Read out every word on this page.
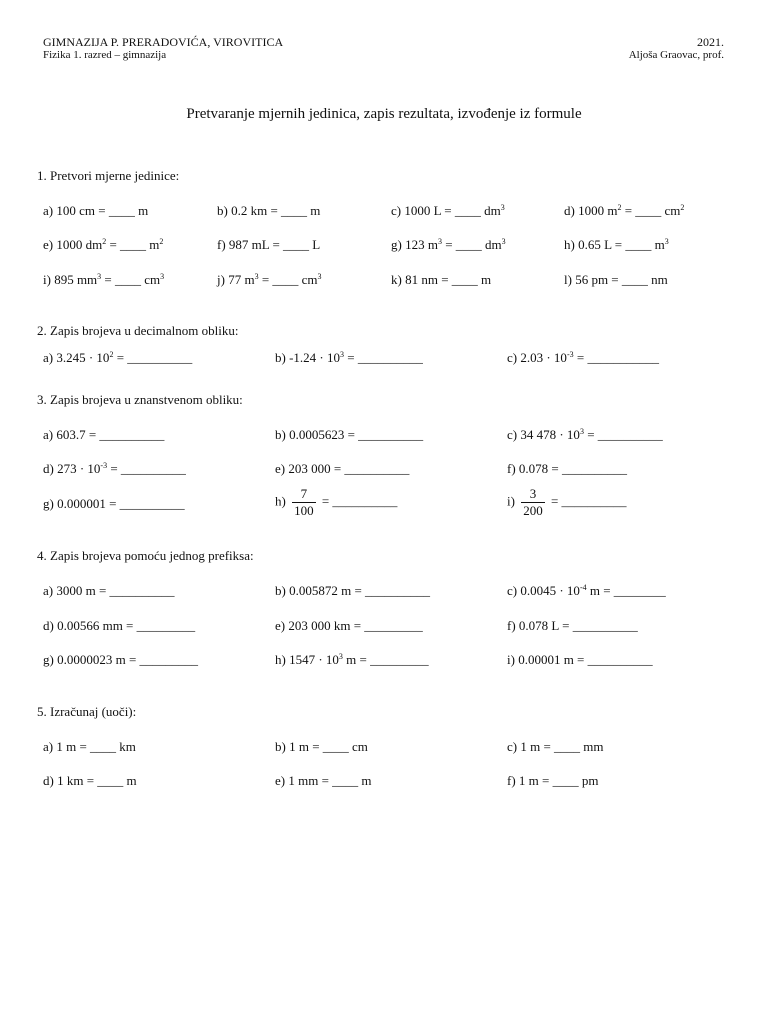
GIMNAZIJA P. PRERADOVIĆA, VIROVITICA
Fizika 1. razred – gimnazija
2021.
Aljoša Graovac, prof.
Pretvaranje mjernih jedinica, zapis rezultata, izvođenje iz formule
1. Pretvori mjerne jedinice:
a) 100 cm = ____ m	b) 0.2 km = ____ m	c) 1000 L = ____ $dm^3$	d) 1000 $m^2$ = ____ $cm^2$
e) 1000 $dm^2$ = ____ $m^2$	f) 987 mL = ____ L	g) 123 $m^3$ = ____ $dm^3$	h) 0.65 L = ____ $m^3$
i) 895 $mm^3$ = ____ $cm^3$	j) 77 $m^3$ = ____ $cm^3$	k) 81 nm = ____ m	l) 56 pm = ____ nm
2. Zapis brojeva u decimalnom obliku:
a) $3.245 \cdot 10^2$ = __________	b) $-1.24 \cdot 10^3$ = __________	c) $2.03 \cdot 10^{-3}$ = ___________
3. Zapis brojeva u znanstvenom obliku:
a) 603.7 = __________	b) 0.0005623 = __________	c) 34 $478 \cdot 10^3$ = __________
d) $273 \cdot 10^{-3}$ = __________	e) 203 000 = __________	f) 0.078 = __________
g) 0.000001 = __________	$h) \frac{7}{100}$ = __________	$i) \frac{3}{200}$ = __________
4. Zapis brojeva pomoću jednog prefiksa:
a) 3000 m = __________	b) 0.005872 m = __________	c) $0.0045 \cdot 10^{-4}$ m = ________
d) 0.00566 mm = _________	e) 203 000 km = _________	f) 0.078 L = __________
g) 0.0000023 m = _________	h) $1547 \cdot 10^3$ m = _________	i) 0.00001 m = __________
5. Izračunaj (uoči):
a) 1 m = ____ km	b) 1 m = ____ cm	c) 1 m = ____ mm
d) 1 km = ____ m	e) 1 mm = ____ m	f) 1 m = ____ pm
